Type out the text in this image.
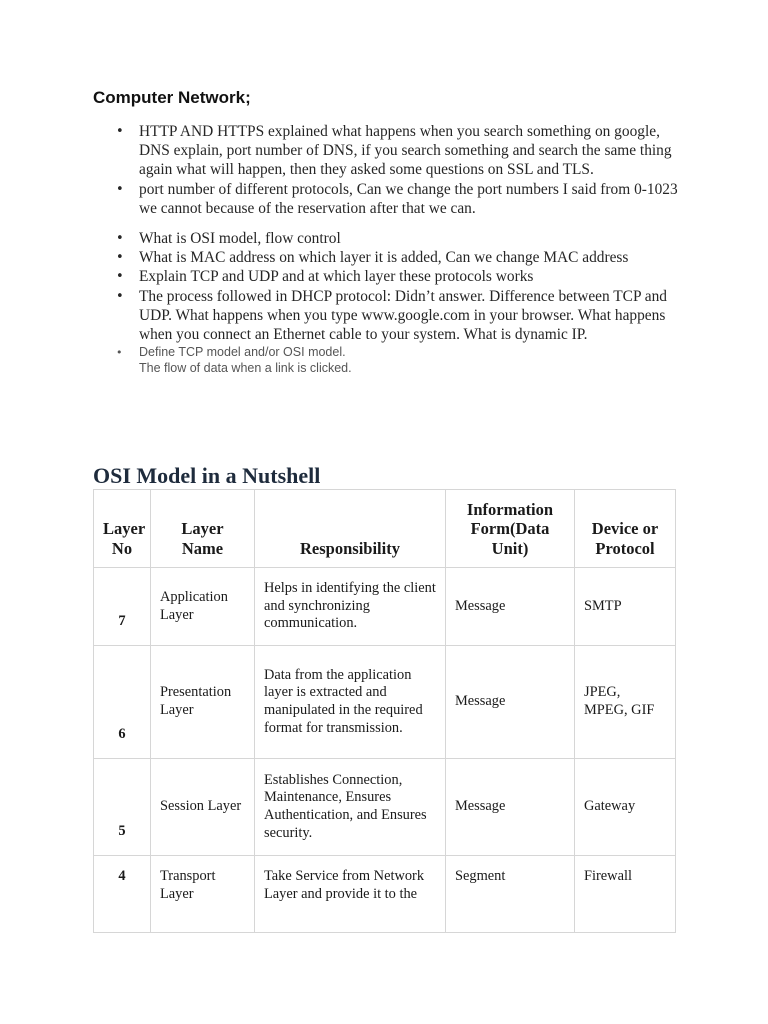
Computer Network;
• HTTP AND HTTPS explained what happens when you search something on google, DNS explain, port number of DNS, if you search something and search the same thing again what will happen, then they asked some questions on SSL and TLS.
• port number of different protocols, Can we change the port numbers I said from 0-1023 we cannot because of the reservation after that we can.
• What is OSI model, flow control
• What is MAC address on which layer it is added, Can we change MAC address
• Explain TCP and UDP and at which layer these protocols works
• The process followed in DHCP protocol: Didn’t answer. Difference between TCP and UDP. What happens when you type www.google.com in your browser. What happens when you connect an Ethernet cable to your system. What is dynamic IP.
• Define TCP model and/or OSI model.
The flow of data when a link is clicked.
OSI Model in a Nutshell
Layer No	Layer Name	Responsibility	Information Form(Data Unit)	Device or Protocol
7	Application Layer	Helps in identifying the client and synchronizing communication.	Message	SMTP
6	Presentation Layer	Data from the application layer is extracted and manipulated in the required format for transmission.	Message	JPEG, MPEG, GIF
5	Session Layer	Establishes Connection, Maintenance, Ensures Authentication, and Ensures security.	Message	Gateway
4	Transport Layer	Take Service from Network Layer and provide it to the	Segment	Firewall
